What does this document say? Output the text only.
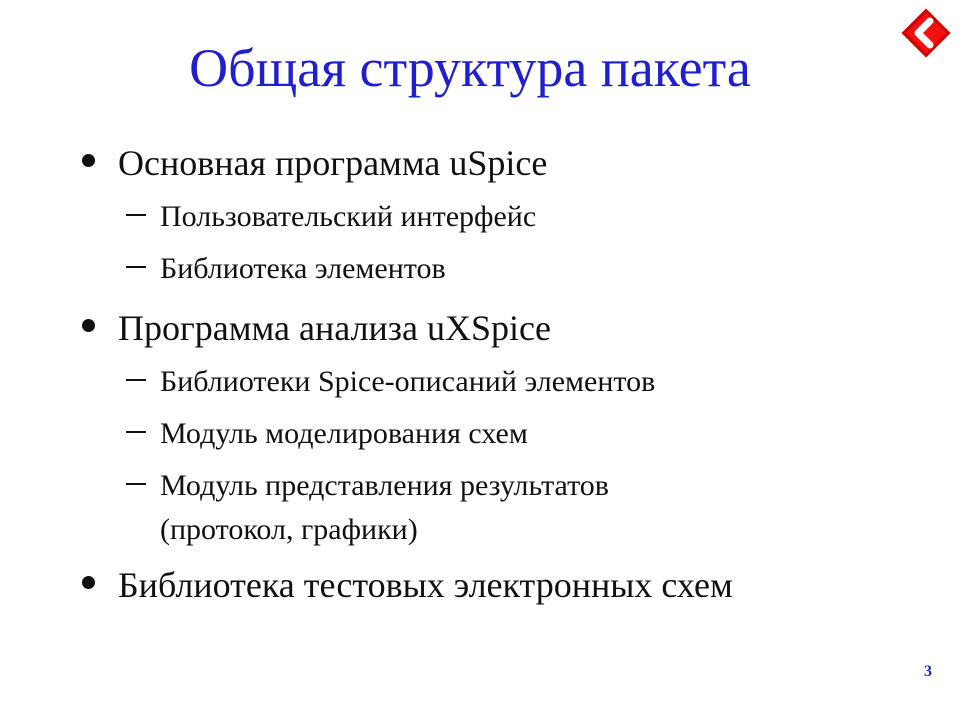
Общая структура пакета
Основная программа uSpice
Пользовательский интерфейс
Библиотека элементов
Программа анализа uXSpice
Библиотеки Spice-описаний элементов
Модуль моделирования схем
Модуль представления результатов
(протокол, графики)
Библиотека тестовых электронных схем
3
